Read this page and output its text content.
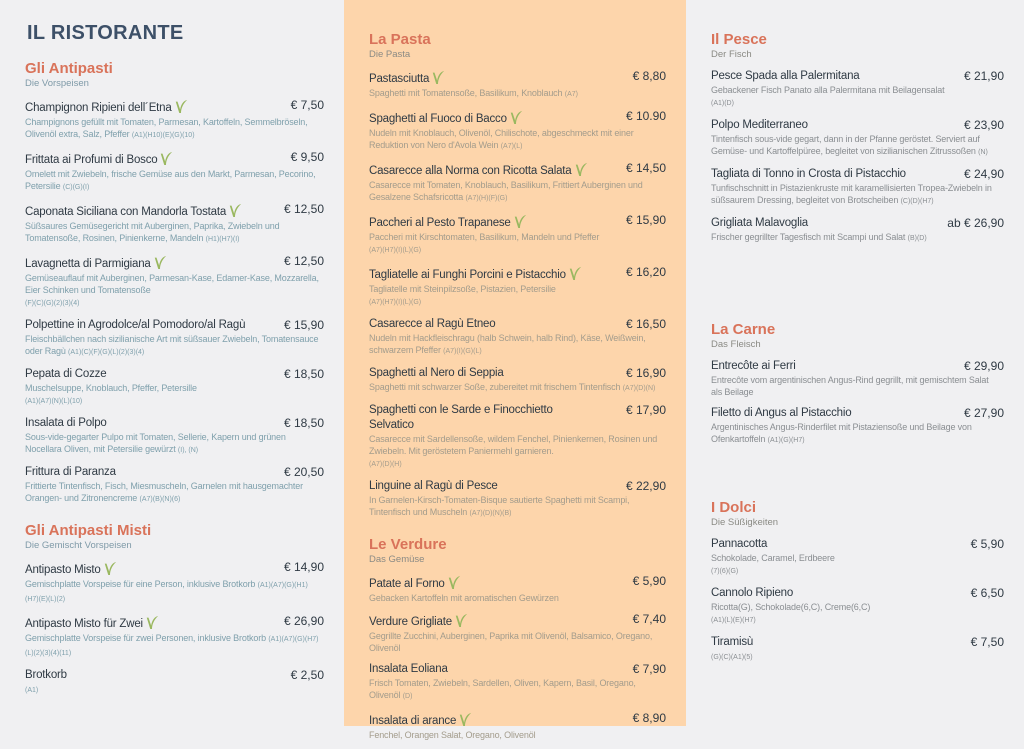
IL RISTORANTE
Gli Antipasti
Die Vorspeisen
Champignon Ripieni dell´Etna	€ 7,50
Champignons gefüllt mit Tomaten, Parmesan, Kartoffeln, Semmelbröseln, Olivenöl extra, Salz, Pfeffer (A1)(H10)(E)(G)(10)
Frittata ai Profumi di Bosco	€ 9,50
Omelett mit Zwiebeln, frische Gemüse aus den Markt, Parmesan, Pecorino, Petersilie (C)(G)(I)
Caponata Siciliana con Mandorla Tostata	€ 12,50
Süßsaures Gemüsegericht mit Auberginen, Paprika, Zwiebeln und Tomatensoße, Rosinen, Pinienkerne, Mandeln (H1)(H7)(I)
Lavagnetta di Parmigiana	€ 12,50
Gemüseauflauf mit Auberginen, Parmesan-Kase, Edamer-Kase, Mozzarella, Eier Schinken und Tomatensoße
(F)(C)(G)(2)(3)(4)
Polpettine in Agrodolce/al Pomodoro/al Ragù	€ 15,90
Fleischbällchen nach sizilianische Art mit süßsauer Zwiebeln, Tomatensauce oder Ragù (A1)(C)(F)(G)(L)(2)(3)(4)
Pepata di Cozze	€ 18,50
Muschelsuppe, Knoblauch, Pfeffer, Petersille
(A1)(A7)(N)(L)(10)
Insalata di Polpo	€ 18,50
Sous-vide-gegarter Pulpo mit Tomaten, Sellerie, Kapern und grünen Nocellara Oliven, mit Petersilie gewürzt (I), (N)
Frittura di Paranza	€ 20,50
Frittierte Tintenfisch, Fisch, Miesmuscheln, Garnelen mit hausgemachter Orangen- und Zitronencreme (A7)(B)(N)(6)
Gli Antipasti Misti
Die Gemischt Vorspeisen
Antipasto Misto	€ 14,90
Gemischplatte Vorspeise für eine Person, inklusive Brotkorb (A1)(A7)(G)(H1)(H7)(E)(L)(2)
Antipasto Misto für Zwei	€ 26,90
Gemischplatte Vorspeise für zwei Personen, inklusive Brotkorb (A1)(A7)(G)(H7)(L)(2)(3)(4)(11)
Brotkorb	€ 2,50
(A1)
La Pasta
Die Pasta
Pastasciutta	€ 8,80
Spaghetti mit Tomatensoße, Basilikum, Knoblauch (A7)
Spaghetti al Fuoco di Bacco	€ 10.90
Nudeln mit Knoblauch, Olivenöl, Chilischote, abgeschmeckt mit einer Reduktion von Nero d'Avola Wein (A7)(L)
Casarecce alla Norma con Ricotta Salata	€ 14,50
Casarecce mit Tomaten, Knoblauch, Basilikum, Frittiert Auberginen und Gesalzene Schafsricotta (A7)(H)(F)(G)
Paccheri al Pesto Trapanese	€ 15,90
Paccheri mit Kirschtomaten, Basilikum, Mandeln und Pfeffer
(A7)(H7)(I)(L)(G)
Tagliatelle ai Funghi Porcini e Pistacchio	€ 16,20
Tagliatelle mit Steinpilzsoße, Pistazien, Petersilie
(A7)(H7)(I)(L)(G)
Casarecce al Ragù Etneo	€ 16,50
Nudeln mit Hackfleischragu (halb Schwein, halb Rind), Käse, Weißwein, schwarzem Pfeffer (A7)(I)(G)(L)
Spaghetti al Nero di Seppia	€ 16,90
Spaghetti mit schwarzer Soße, zubereitet mit frischem Tintenfisch (A7)(D)(N)
Spaghetti con le Sarde e Finocchietto Selvatico
€ 17,90
Casarecce mit Sardellensoße, wildem Fenchel, Pinienkernen, Rosinen und Zwiebeln. Mit geröstetem Paniermehl garnieren.
(A7)(D)(H)
Linguine al Ragù di Pesce	€ 22,90
In Garnelen-Kirsch-Tomaten-Bisque sautierte Spaghetti mit Scampi, Tintenfisch und Muscheln (A7)(D)(N)(B)
Le Verdure
Das Gemüse
Patate al Forno	€ 5,90
Gebacken Kartoffeln mit aromatischen Gewürzen
Verdure Grigliate	€ 7,40
Gegrillte Zucchini, Auberginen, Paprika mit Olivenöl, Balsamico, Oregano, Olivenöl
Insalata Eoliana	€ 7,90
Frisch Tomaten, Zwiebeln, Sardellen, Oliven, Kapern, Basil, Oregano, Olivenöl (D)
Insalata di arance	€ 8,90
Fenchel, Orangen Salat, Oregano, Olivenöl
Il Pesce
Der Fisch
Pesce Spada alla Palermitana	€ 21,90
Gebackener Fisch Panato alla Palermitana mit Beilagensalat
(A1)(D)
Polpo Mediterraneo	€ 23,90
Tintenfisch sous-vide gegart, dann in der Pfanne geröstet. Serviert auf Gemüse- und Kartoffelpüree, begleitet von sizilianischen Zitrussoßen (N)
Tagliata di Tonno in Crosta di Pistacchio	€ 24,90
Tunfischschnitt in Pistazienkruste mit karamellisierten Tropea-Zwiebeln in süßsaurem Dressing, begleitet von Brotscheiben (C)(D)(H7)
Grigliata Malavoglia	ab € 26,90
Frischer gegrillter Tagesfisch mit Scampi und Salat (B)(D)
La Carne
Das Fleisch
Entrecôte ai Ferri	€ 29,90
Entrecôte vom argentinischen Angus-Rind gegrillt, mit gemischtem Salat als Beilage
Filetto di Angus al Pistacchio	€ 27,90
Argentinisches Angus-Rinderfilet mit Pistaziensoße und Beilage von Ofenkartoffeln (A1)(G)(H7)
I Dolci
Die Süßigkeiten
Pannacotta	€ 5,90
Schokolade, Caramel, Erdbeere
(7)(6)(G)
Cannolo Ripieno	€ 6,50
Ricotta(G), Schokolade(6,C), Creme(6,C)
(A1)(L)(E)(H7)
Tiramisù	€ 7,50
(G)(C)(A1)(5)
